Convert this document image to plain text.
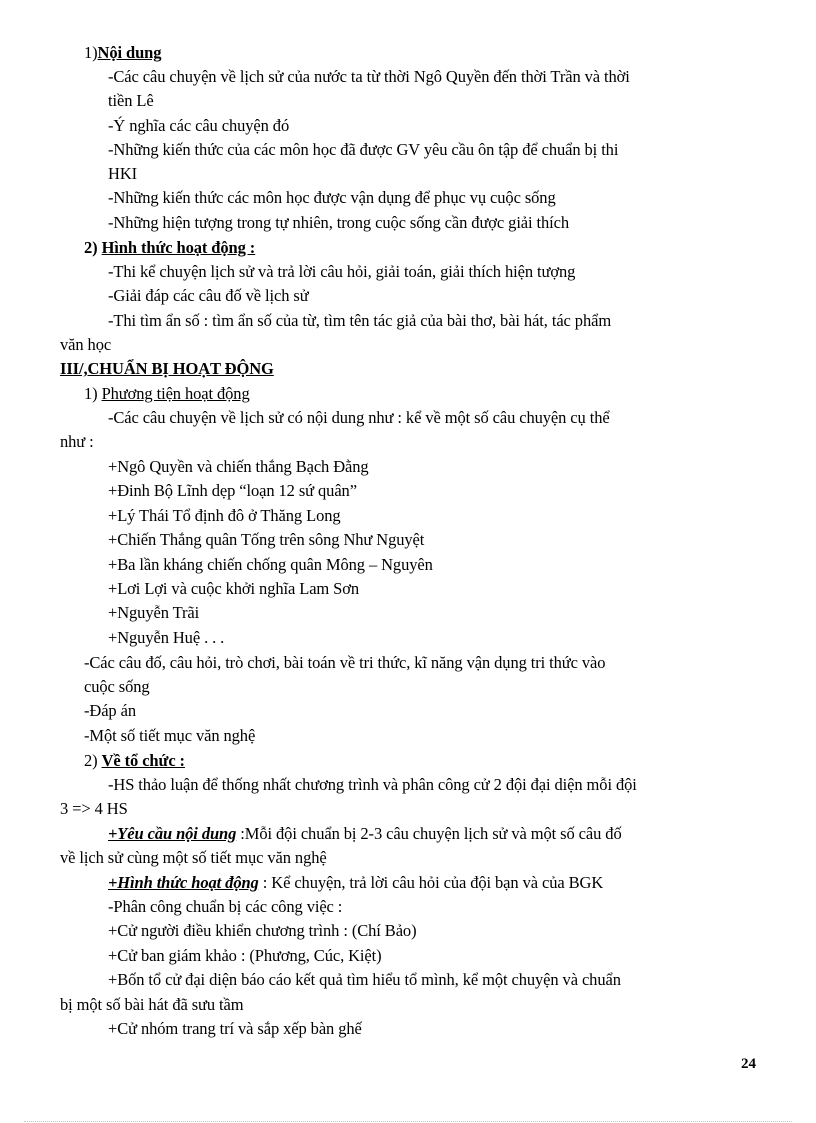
1)Nội dung
-Các câu chuyện về lịch sử của nước ta từ thời Ngô Quyền đến thời Trần và thời
tiền Lê
-Ý nghĩa các câu chuyện đó
-Những kiến thức của các môn học đã được GV yêu cầu ôn tập để chuẩn bị thi
HKI
-Những kiến thức các môn học được vận dụng để phục vụ cuộc sống
-Những hiện tượng trong tự nhiên, trong cuộc sống cần được giải thích
2) Hình thức hoạt động :
-Thi kể chuyện lịch sử và trả lời câu hỏi, giải toán, giải thích hiện tượng
-Giải đáp các câu đố về lịch sử
-Thi tìm ẩn số : tìm ẩn số của từ, tìm tên tác giả của bài thơ, bài hát, tác phẩm
văn học
III/,CHUẨN BỊ HOẠT ĐỘNG
1) Phương tiện hoạt động
-Các câu chuyện về lịch sử có nội dung như : kể về một số câu chuyện cụ thể
như :
+Ngô Quyền và chiến thắng Bạch Đằng
+Đinh Bộ Lĩnh dẹp “loạn 12 sứ quân”
+Lý Thái Tổ định đô ở Thăng Long
+Chiến Thắng quân Tống trên sông Như Nguyệt
+Ba lần kháng chiến chống quân Mông – Nguyên
+Lơi Lợi và cuộc khởi nghĩa Lam Sơn
+Nguyễn Trãi
+Nguyễn Huệ . . .
-Các câu đố, câu hỏi, trò chơi, bài toán về tri thức, kĩ năng vận dụng tri thức vào
cuộc sống
-Đáp án
-Một số tiết mục văn nghệ
2) Về tổ chức :
-HS thảo luận để thống nhất chương trình và phân công cử 2 đội đại diện mỗi đội
3 => 4 HS
+Yêu cầu nội dung :Mỗi đội chuẩn bị 2-3 câu chuyện lịch sử và một số câu đố
về lịch sử cùng một số tiết mục văn nghệ
+Hình thức hoạt động : Kể chuyện, trả lời câu hỏi của đội bạn và của BGK
-Phân công chuẩn bị các công việc :
+Cử người điều khiển chương trình : (Chí Bảo)
+Cử ban giám khảo : (Phương, Cúc, Kiệt)
+Bốn tổ cử đại diện báo cáo kết quả tìm hiểu tổ mình, kể một chuyện và chuẩn
bị một số bài hát đã sưu tầm
+Cử nhóm trang trí và sắp xếp bàn ghế
24
